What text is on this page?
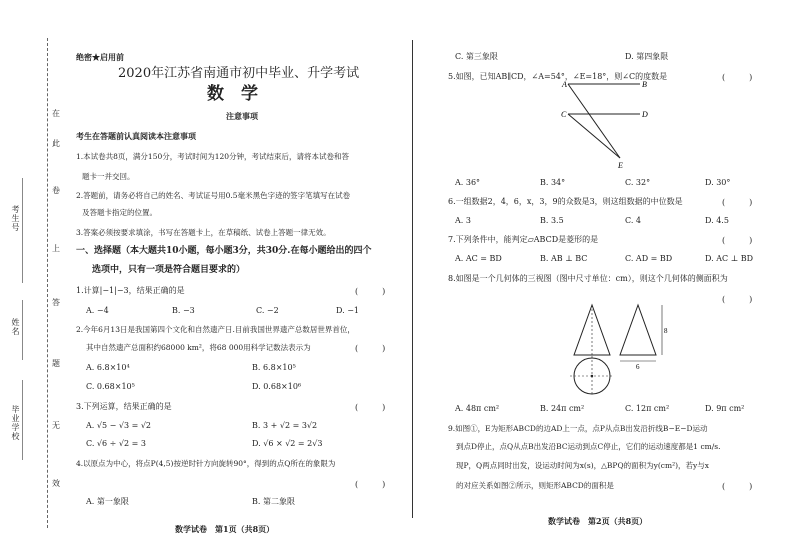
考生号
姓名
毕业学校
在
此
卷
上
答
题
无
效
绝密★启用前
2020年江苏省南通市初中毕业、升学考试
数　学
注意事项
考生在答题前认真阅读本注意事项
1.本试卷共8页，满分150分，考试时间为120分钟，考试结束后，请将本试卷和答
题卡一并交回。
2.答题前，请务必将自己的姓名、考试证号用0.5毫米黑色字迹的签字笔填写在试卷
及答题卡指定的位置。
3.答案必须按要求填涂，书写在答题卡上，在草稿纸、试卷上答题一律无效。
一、选择题（本大题共10小题，每小题3分，共30分.在每小题给出的四个
选项中，只有一项是符合题目要求的）
1.计算|−1|−3，结果正确的是	(　　　)
A. −4	B. −3	C. −2	D. −1
2.今年6月13日是我国第四个文化和自然遗产日.目前我国世界遗产总数居世界首位，
其中自然遗产总面积约68000 km²，将68 000用科学记数法表示为	(　　　)
A. 6.8×10⁴	B. 6.8×10⁵
C. 0.68×10⁵	D. 0.68×10⁶
3.下列运算，结果正确的是	(　　　)
A. √5 − √3 = √2	B. 3 + √2 = 3√2
C. √6 ÷ √2 = 3	D. √6 × √2 = 2√3
4.以原点为中心，将点P(4,5)按逆时针方向旋转90°，得到的点Q所在的象限为
(　　　)
A. 第一象限	B. 第二象限
数学试卷　第1页（共8页）
C. 第三象限	D. 第四象限
5.如图，已知AB∥CD，∠A=54°，∠E=18°，则∠C的度数是	(　　　)
A	B
C	D
E
A. 36°	B. 34°	C. 32°	D. 30°
6.一组数据2，4，6，x，3，9的众数是3，则这组数据的中位数是	(　　　)
A. 3	B. 3.5	C. 4	D. 4.5
7.下列条件中，能判定▱ABCD是菱形的是	(　　　)
A. AC = BD	B. AB ⊥ BC	C. AD = BD	D. AC ⊥ BD
8.如图是一个几何体的三视图（图中尺寸单位：cm），则这个几何体的侧面积为
(　　　)
8
6
A. 48π cm²	B. 24π cm²	C. 12π cm²	D. 9π cm²
9.如图①，E为矩形ABCD的边AD上一点，点P从点B出发沿折线B−E−D运动
到点D停止，点Q从点B出发沿BC运动到点C停止，它们的运动速度都是1 cm/s.
现P，Q两点同时出发，设运动时间为x(s)，△BPQ的面积为y(cm²)，若y与x
的对应关系如图②所示，则矩形ABCD的面积是	(　　　)
数学试卷　第2页（共8页）
